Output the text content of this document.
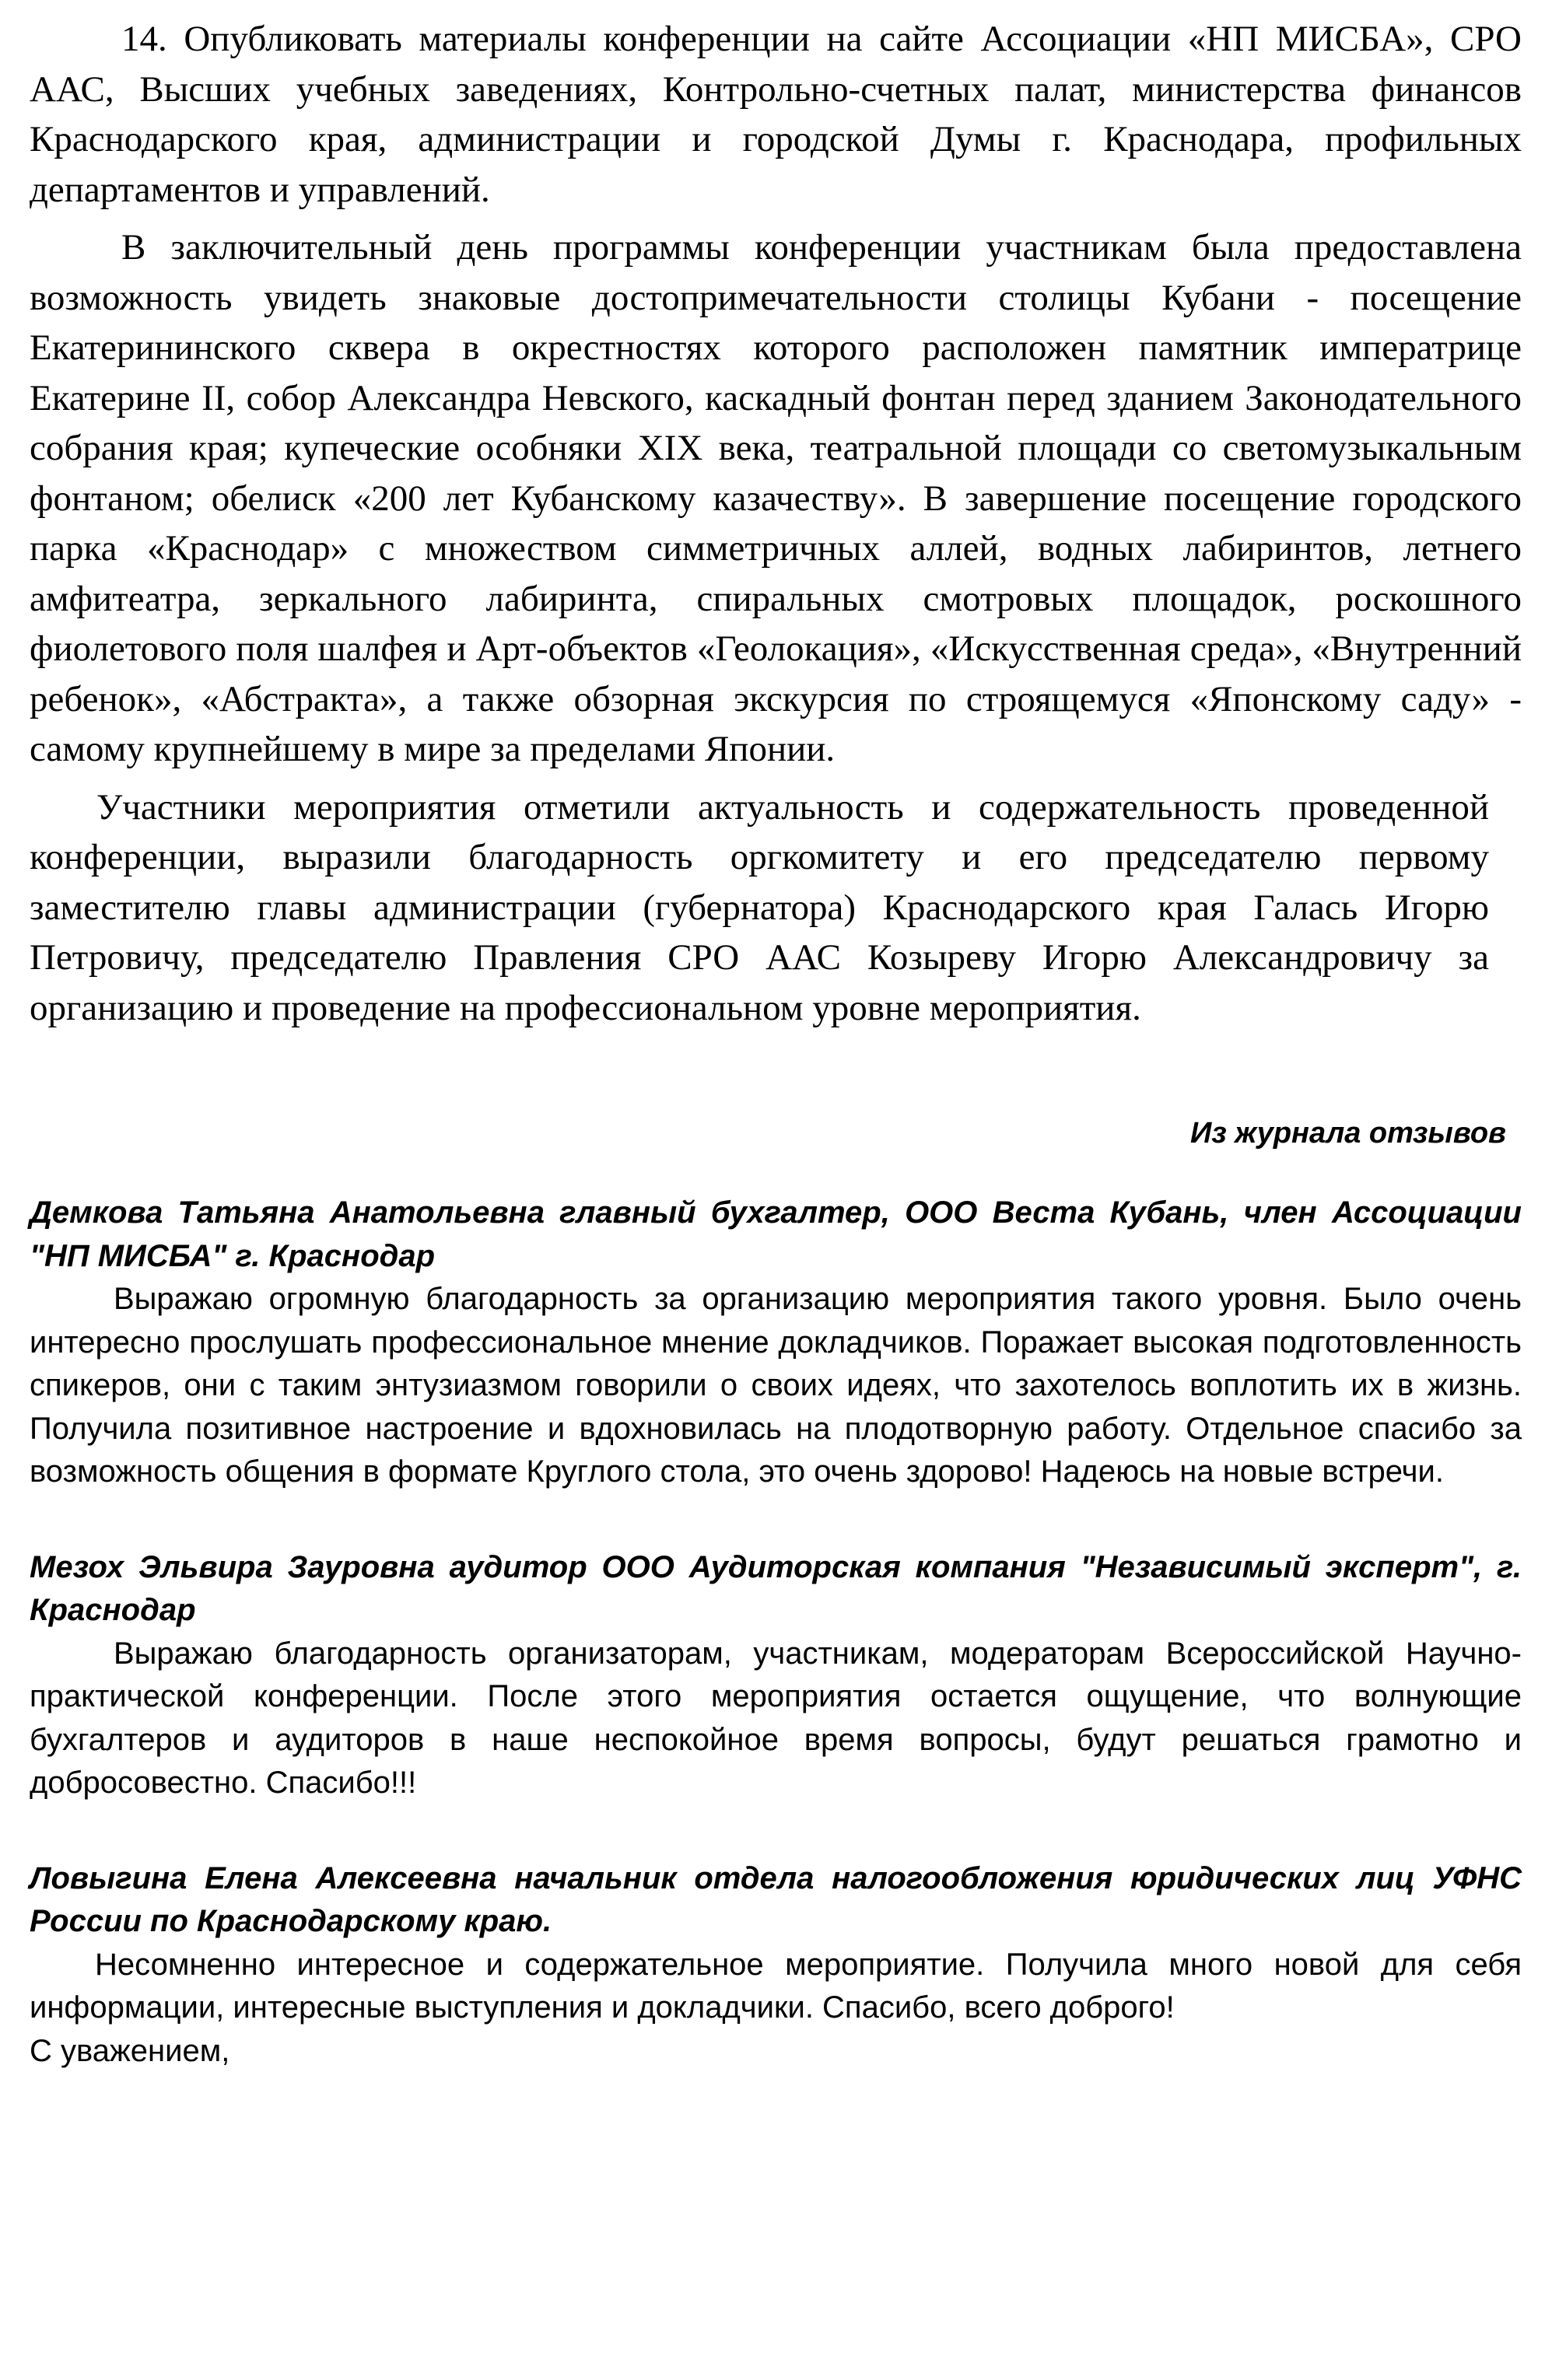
14. Опубликовать материалы конференции на сайте Ассоциации «НП МИСБА», СРО ААС, Высших учебных заведениях, Контрольно-счетных палат, министерства финансов Краснодарского края, администрации и городской Думы г. Краснодара, профильных департаментов и управлений.

В заключительный день программы конференции участникам была предоставлена возможность увидеть знаковые достопримечательности столицы Кубани - посещение Екатерининского сквера в окрестностях которого расположен памятник императрице Екатерине II, собор Александра Невского, каскадный фонтан перед зданием Законодательного собрания края; купеческие особняки XIX века, театральной площади со светомузыкальным фонтаном; обелиск «200 лет Кубанскому казачеству». В завершение посещение городского парка «Краснодар» с множеством симметричных аллей, водных лабиринтов, летнего амфитеатра, зеркального лабиринта, спиральных смотровых площадок, роскошного фиолетового поля шалфея и Арт-объектов «Геолокация», «Искусственная среда», «Внутренний ребенок», «Абстракта», а также обзорная экскурсия по строящемуся «Японскому саду» - самому крупнейшему в мире за пределами Японии.

Участники мероприятия отметили актуальность и содержательность проведенной конференции, выразили благодарность оргкомитету и его председателю первому заместителю главы администрации (губернатора) Краснодарского края Галась Игорю Петровичу, председателю Правления СРО ААС Козыреву Игорю Александровичу за организацию и проведение на профессиональном уровне мероприятия.

Из журнала отзывов

Демкова Татьяна Анатольевна главный бухгалтер, ООО Веста Кубань, член Ассоциации "НП МИСБА" г. Краснодар

Выражаю огромную благодарность за организацию мероприятия такого уровня. Было очень интересно прослушать профессиональное мнение докладчиков. Поражает высокая подготовленность спикеров, они с таким энтузиазмом говорили о своих идеях, что захотелось воплотить их в жизнь. Получила позитивное настроение и вдохновилась на плодотворную работу. Отдельное спасибо за возможность общения в формате Круглого стола, это очень здорово! Надеюсь на новые встречи.

Мезох Эльвира Зауровна аудитор ООО Аудиторская компания "Независимый эксперт", г. Краснодар

Выражаю благодарность организаторам, участникам, модераторам Всероссийской Научно-практической конференции. После этого мероприятия остается ощущение, что волнующие бухгалтеров и аудиторов в наше неспокойное время вопросы, будут решаться грамотно и добросовестно. Спасибо!!!

Ловыгина Елена Алексеевна начальник отдела налогообложения юридических лиц УФНС России по Краснодарскому краю.

Несомненно интересное и содержательное мероприятие. Получила много новой для себя информации, интересные выступления и докладчики. Спасибо, всего доброго!

С уважением,
